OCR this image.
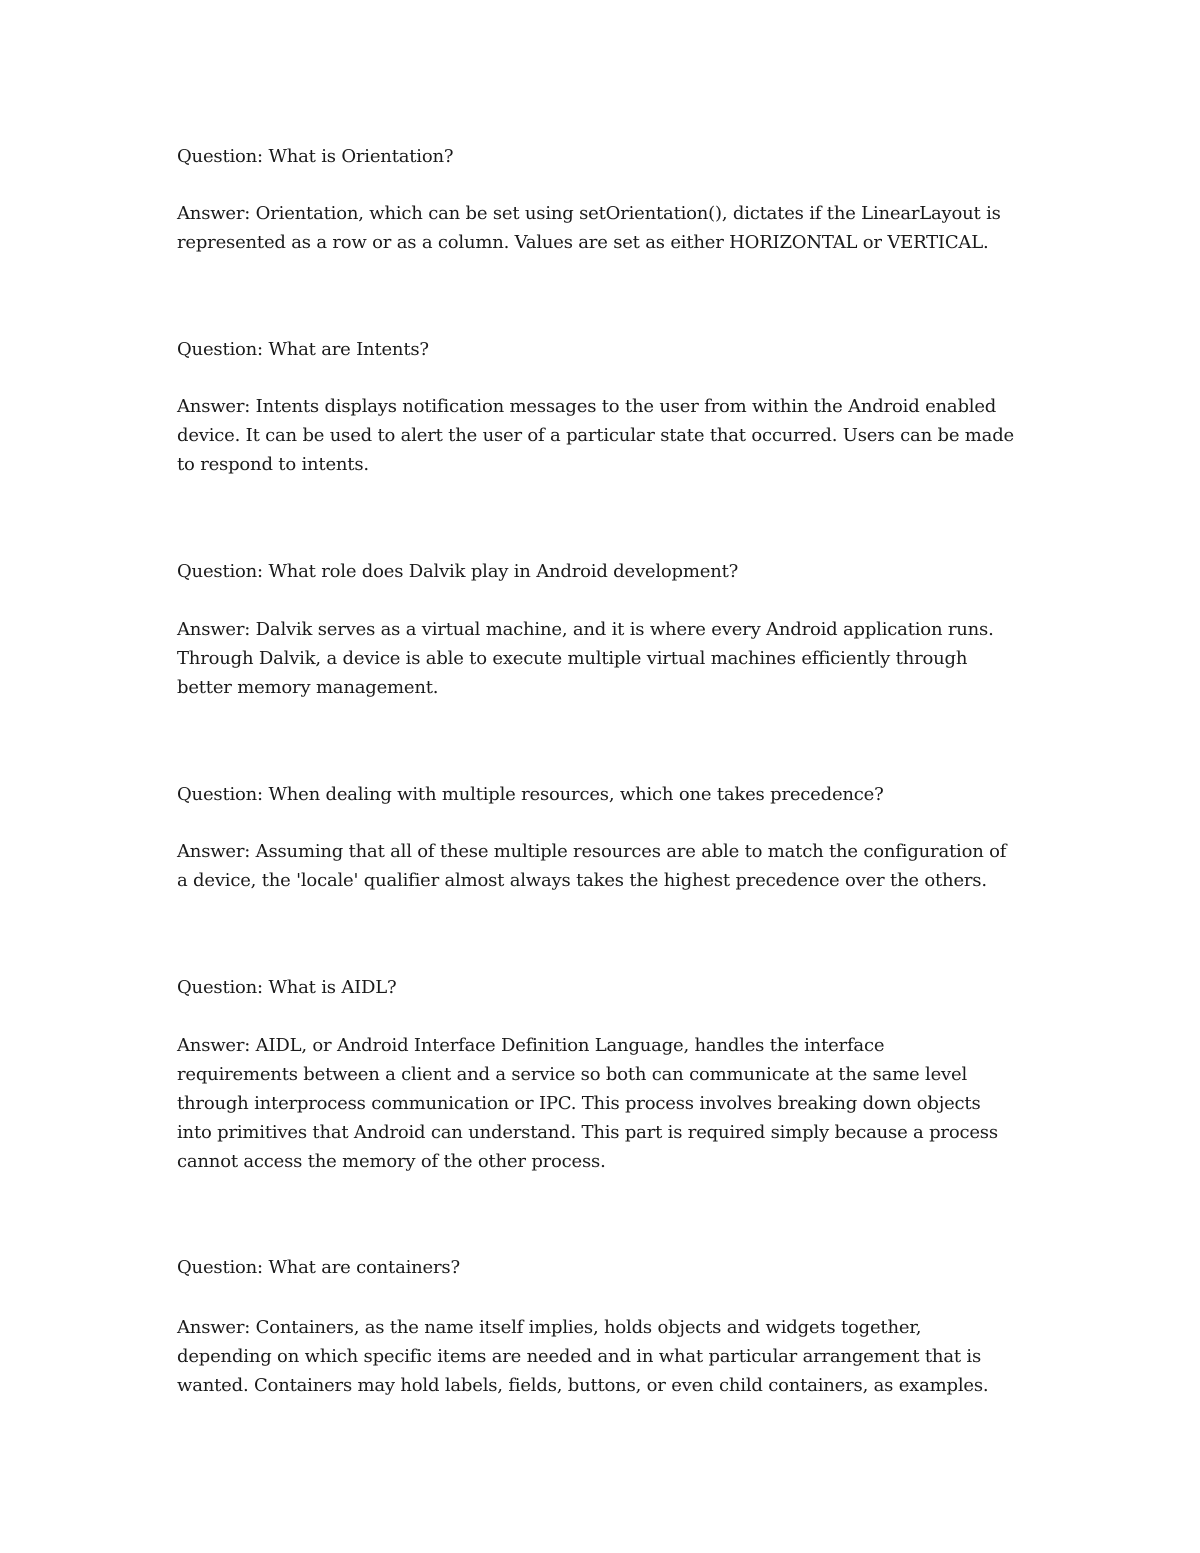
Question: What is Orientation?

Answer: Orientation, which can be set using setOrientation(), dictates if the LinearLayout is
represented as a row or as a column. Values are set as either HORIZONTAL or VERTICAL.

Question: What are Intents?

Answer: Intents displays notification messages to the user from within the Android enabled
device. It can be used to alert the user of a particular state that occurred. Users can be made
to respond to intents.

Question: What role does Dalvik play in Android development?

Answer: Dalvik serves as a virtual machine, and it is where every Android application runs.
Through Dalvik, a device is able to execute multiple virtual machines efficiently through
better memory management.

Question: When dealing with multiple resources, which one takes precedence?

Answer: Assuming that all of these multiple resources are able to match the configuration of
a device, the 'locale' qualifier almost always takes the highest precedence over the others.

Question: What is AIDL?

Answer: AIDL, or Android Interface Definition Language, handles the interface
requirements between a client and a service so both can communicate at the same level
through interprocess communication or IPC. This process involves breaking down objects
into primitives that Android can understand. This part is required simply because a process
cannot access the memory of the other process.

Question: What are containers?

Answer: Containers, as the name itself implies, holds objects and widgets together,
depending on which specific items are needed and in what particular arrangement that is
wanted. Containers may hold labels, fields, buttons, or even child containers, as examples.
